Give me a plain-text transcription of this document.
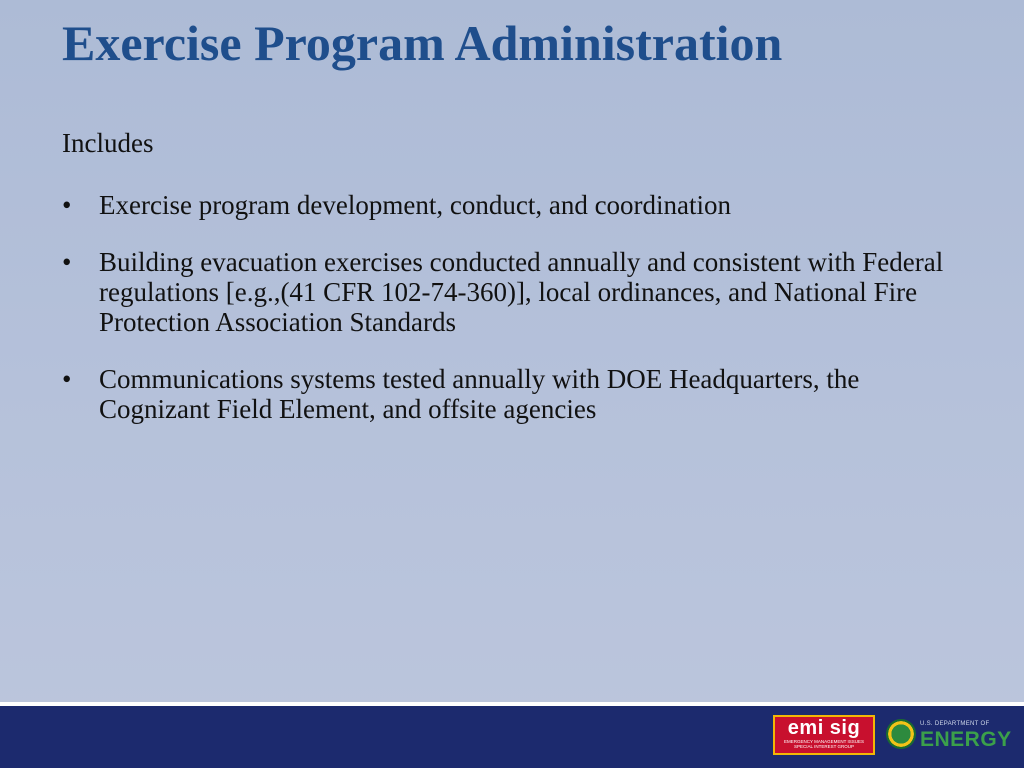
Exercise Program Administration
Includes
• Exercise program development, conduct, and coordination
• Building evacuation exercises conducted annually and consistent with Federal regulations [e.g.,(41 CFR 102-74-360)], local ordinances, and National Fire Protection Association Standards
• Communications systems tested annually with DOE Headquarters, the Cognizant Field Element, and offsite agencies
emi sig
EMERGENCY MANAGEMENT ISSUES
SPECIAL INTEREST GROUP
U.S. DEPARTMENT OF
ENERGY
